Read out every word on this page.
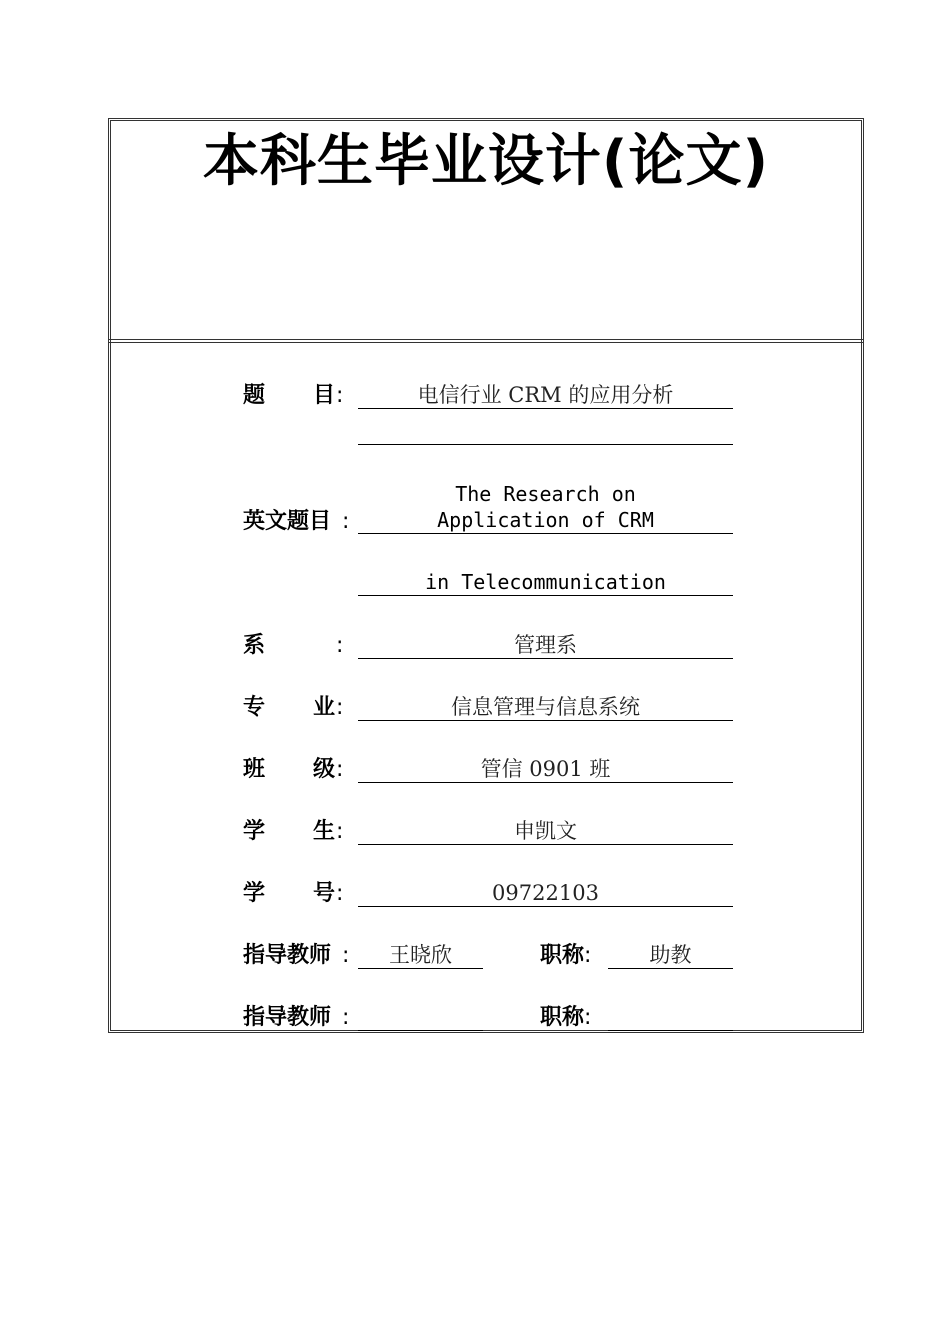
本科生毕业设计(论文)
题 目 :	电信行业 CRM 的应用分析
英文题目 :
The Research on Application of CRM
in Telecommunication
系	:	管理系
专 业 :	信息管理与信息系统
班 级 :	管信 0901 班
学 生 :	申凯文
学 号 :	09722103
指导教师 :	王晓欣	职称:	助教
指导教师 :	职称:
